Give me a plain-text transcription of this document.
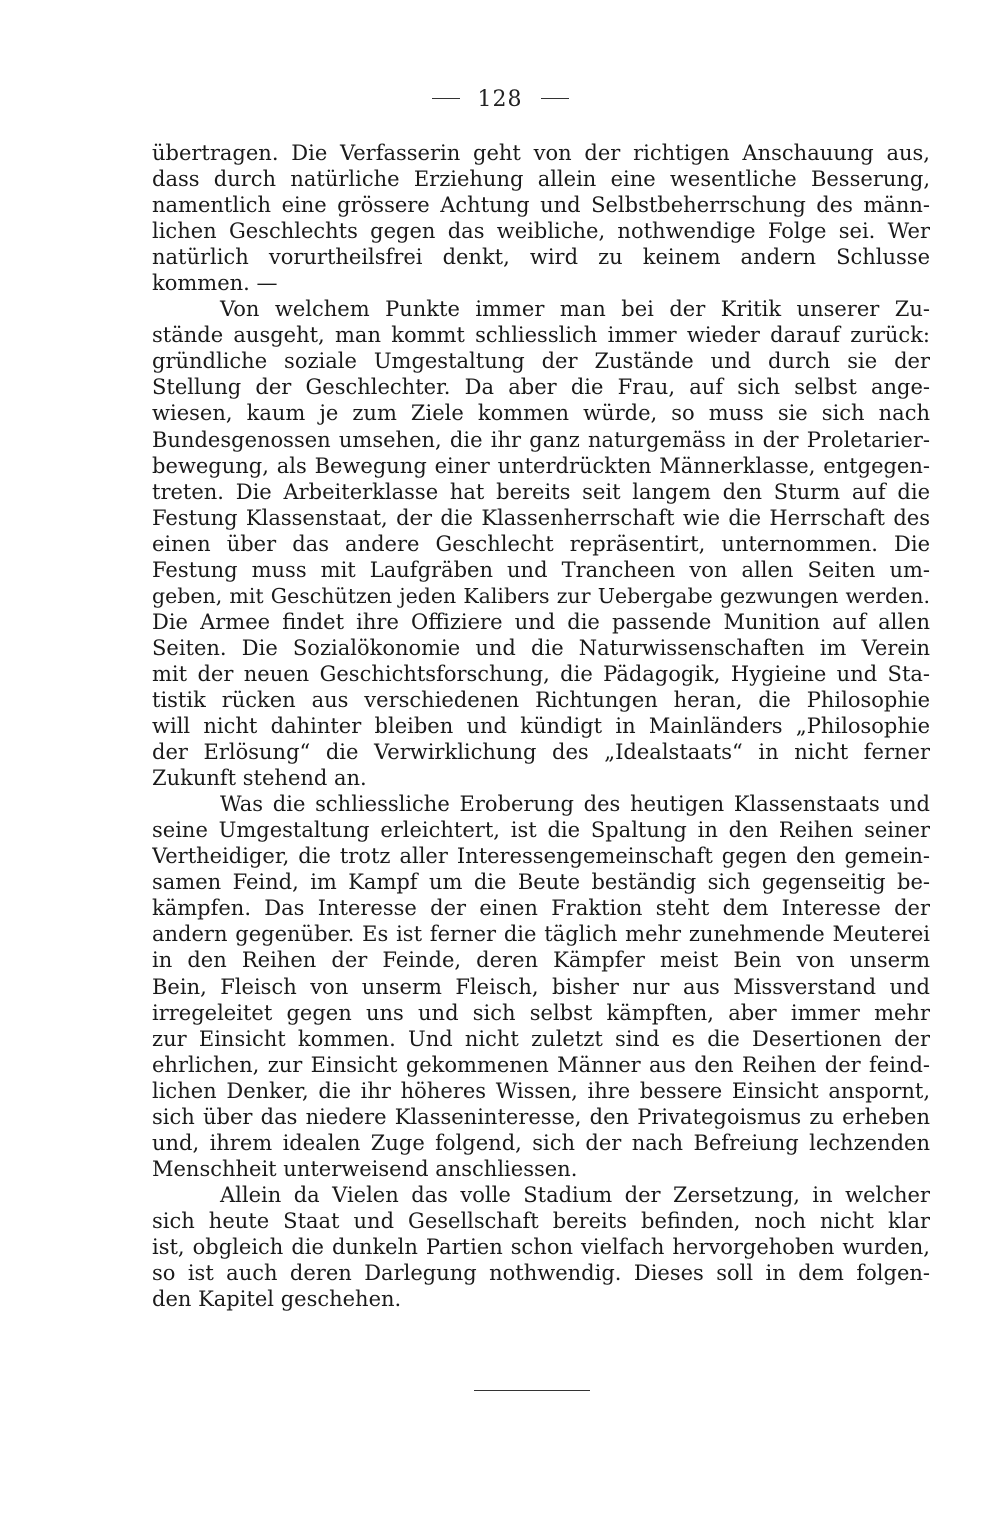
128
übertragen. Die Verfasserin geht von der richtigen Anschauung aus,
dass durch natürliche Erziehung allein eine wesentliche Besserung,
namentlich eine grössere Achtung und Selbstbeherrschung des männ-
lichen Geschlechts gegen das weibliche, nothwendige Folge sei. Wer
natürlich vorurtheilsfrei denkt, wird zu keinem andern Schlusse
kommen. —
Von welchem Punkte immer man bei der Kritik unserer Zu-
stände ausgeht, man kommt schliesslich immer wieder darauf zurück:
gründliche soziale Umgestaltung der Zustände und durch sie der
Stellung der Geschlechter. Da aber die Frau, auf sich selbst ange-
wiesen, kaum je zum Ziele kommen würde, so muss sie sich nach
Bundesgenossen umsehen, die ihr ganz naturgemäss in der Proletarier-
bewegung, als Bewegung einer unterdrückten Männerklasse, entgegen-
treten. Die Arbeiterklasse hat bereits seit langem den Sturm auf die
Festung Klassenstaat, der die Klassenherrschaft wie die Herrschaft des
einen über das andere Geschlecht repräsentirt, unternommen. Die
Festung muss mit Laufgräben und Trancheen von allen Seiten um-
geben, mit Geschützen jeden Kalibers zur Uebergabe gezwungen werden.
Die Armee findet ihre Offiziere und die passende Munition auf allen
Seiten. Die Sozialökonomie und die Naturwissenschaften im Verein
mit der neuen Geschichtsforschung, die Pädagogik, Hygieine und Sta-
tistik rücken aus verschiedenen Richtungen heran, die Philosophie
will nicht dahinter bleiben und kündigt in Mainländers „Philosophie
der Erlösung“ die Verwirklichung des „Idealstaats“ in nicht ferner
Zukunft stehend an.
Was die schliessliche Eroberung des heutigen Klassenstaats und
seine Umgestaltung erleichtert, ist die Spaltung in den Reihen seiner
Vertheidiger, die trotz aller Interessengemeinschaft gegen den gemein-
samen Feind, im Kampf um die Beute beständig sich gegenseitig be-
kämpfen. Das Interesse der einen Fraktion steht dem Interesse der
andern gegenüber. Es ist ferner die täglich mehr zunehmende Meuterei
in den Reihen der Feinde, deren Kämpfer meist Bein von unserm
Bein, Fleisch von unserm Fleisch, bisher nur aus Missverstand und
irregeleitet gegen uns und sich selbst kämpften, aber immer mehr
zur Einsicht kommen. Und nicht zuletzt sind es die Desertionen der
ehrlichen, zur Einsicht gekommenen Männer aus den Reihen der feind-
lichen Denker, die ihr höheres Wissen, ihre bessere Einsicht anspornt,
sich über das niedere Klasseninteresse, den Privategoismus zu erheben
und, ihrem idealen Zuge folgend, sich der nach Befreiung lechzenden
Menschheit unterweisend anschliessen.
Allein da Vielen das volle Stadium der Zersetzung, in welcher
sich heute Staat und Gesellschaft bereits befinden, noch nicht klar
ist, obgleich die dunkeln Partien schon vielfach hervorgehoben wurden,
so ist auch deren Darlegung nothwendig. Dieses soll in dem folgen-
den Kapitel geschehen.
